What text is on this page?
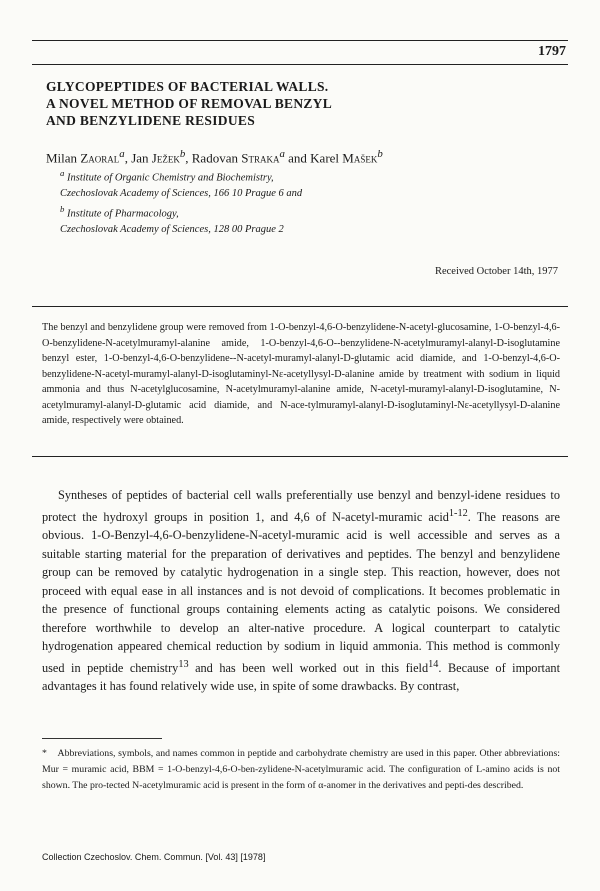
1797
GLYCOPEPTIDES OF BACTERIAL WALLS.
A NOVEL METHOD OF REMOVAL BENZYL
AND BENZYLIDENE RESIDUES
Milan Zaoral$^a$, Jan Ježek$^b$, Radovan Straka$^a$ and Karel Mašek$^b$
$^a$ Institute of Organic Chemistry and Biochemistry,
Czechoslovak Academy of Sciences, 166 10 Prague 6 and
$^b$ Institute of Pharmacology,
Czechoslovak Academy of Sciences, 128 00 Prague 2
Received October 14th, 1977
The benzyl and benzylidene group were removed from 1-O-benzyl-4,6-O-benzylidene-N-acetyl-glucosamine, 1-O-benzyl-4,6-O-benzylidene-N-acetylmuramyl-alanine amide, 1-O-benzyl-4,6-O--benzylidene-N-acetylmuramyl-alanyl-D-isoglutamine benzyl ester, 1-O-benzyl-4,6-O-benzylidene--N-acetyl-muramyl-alanyl-D-glutamic acid diamide, and 1-O-benzyl-4,6-O-benzylidene-N-acetyl-muramyl-alanyl-D-isoglutaminyl-Nε-acetyllysyl-D-alanine amide by treatment with sodium in liquid ammonia and thus N-acetylglucosamine, N-acetylmuramyl-alanine amide, N-acetyl-muramyl-alanyl-D-isoglutamine, N-acetylmuramyl-alanyl-D-glutamic acid diamide, and N-ace-tylmuramyl-alanyl-D-isoglutaminyl-Nε-acetyllysyl-D-alanine amide, respectively were obtained.

Syntheses of peptides of bacterial cell walls preferentially use benzyl and benzyl-idene residues to protect the hydroxyl groups in position 1, and 4,6 of N-acetyl-muramic acid$^{1-12}$. The reasons are obvious. 1-O-Benzyl-4,6-O-benzylidene-N-acetyl-muramic acid is well accessible and serves as a suitable starting material for the preparation of derivatives and peptides. The benzyl and benzylidene group can be removed by catalytic hydrogenation in a single step. This reaction, however, does not proceed with equal ease in all instances and is not devoid of complications. It becomes problematic in the presence of functional groups containing elements acting as catalytic poisons. We considered therefore worthwhile to develop an alter-native procedure. A logical counterpart to catalytic hydrogenation appeared chemical reduction by sodium in liquid ammonia. This method is commonly used in peptide chemistry$^{13}$ and has been well worked out in this field$^{14}$. Because of important advantages it has found relatively wide use, in spite of some drawbacks. By contrast,

* Abbreviations, symbols, and names common in peptide and carbohydrate chemistry are used in this paper. Other abbreviations: Mur = muramic acid, BBM = 1-O-benzyl-4,6-O-ben-zylidene-N-acetylmuramic acid. The configuration of L-amino acids is not shown. The pro-tected N-acetylmuramic acid is present in the form of α-anomer in the derivatives and pepti-des described.
Collection Czechoslov. Chem. Commun. [Vol. 43] [1978]
